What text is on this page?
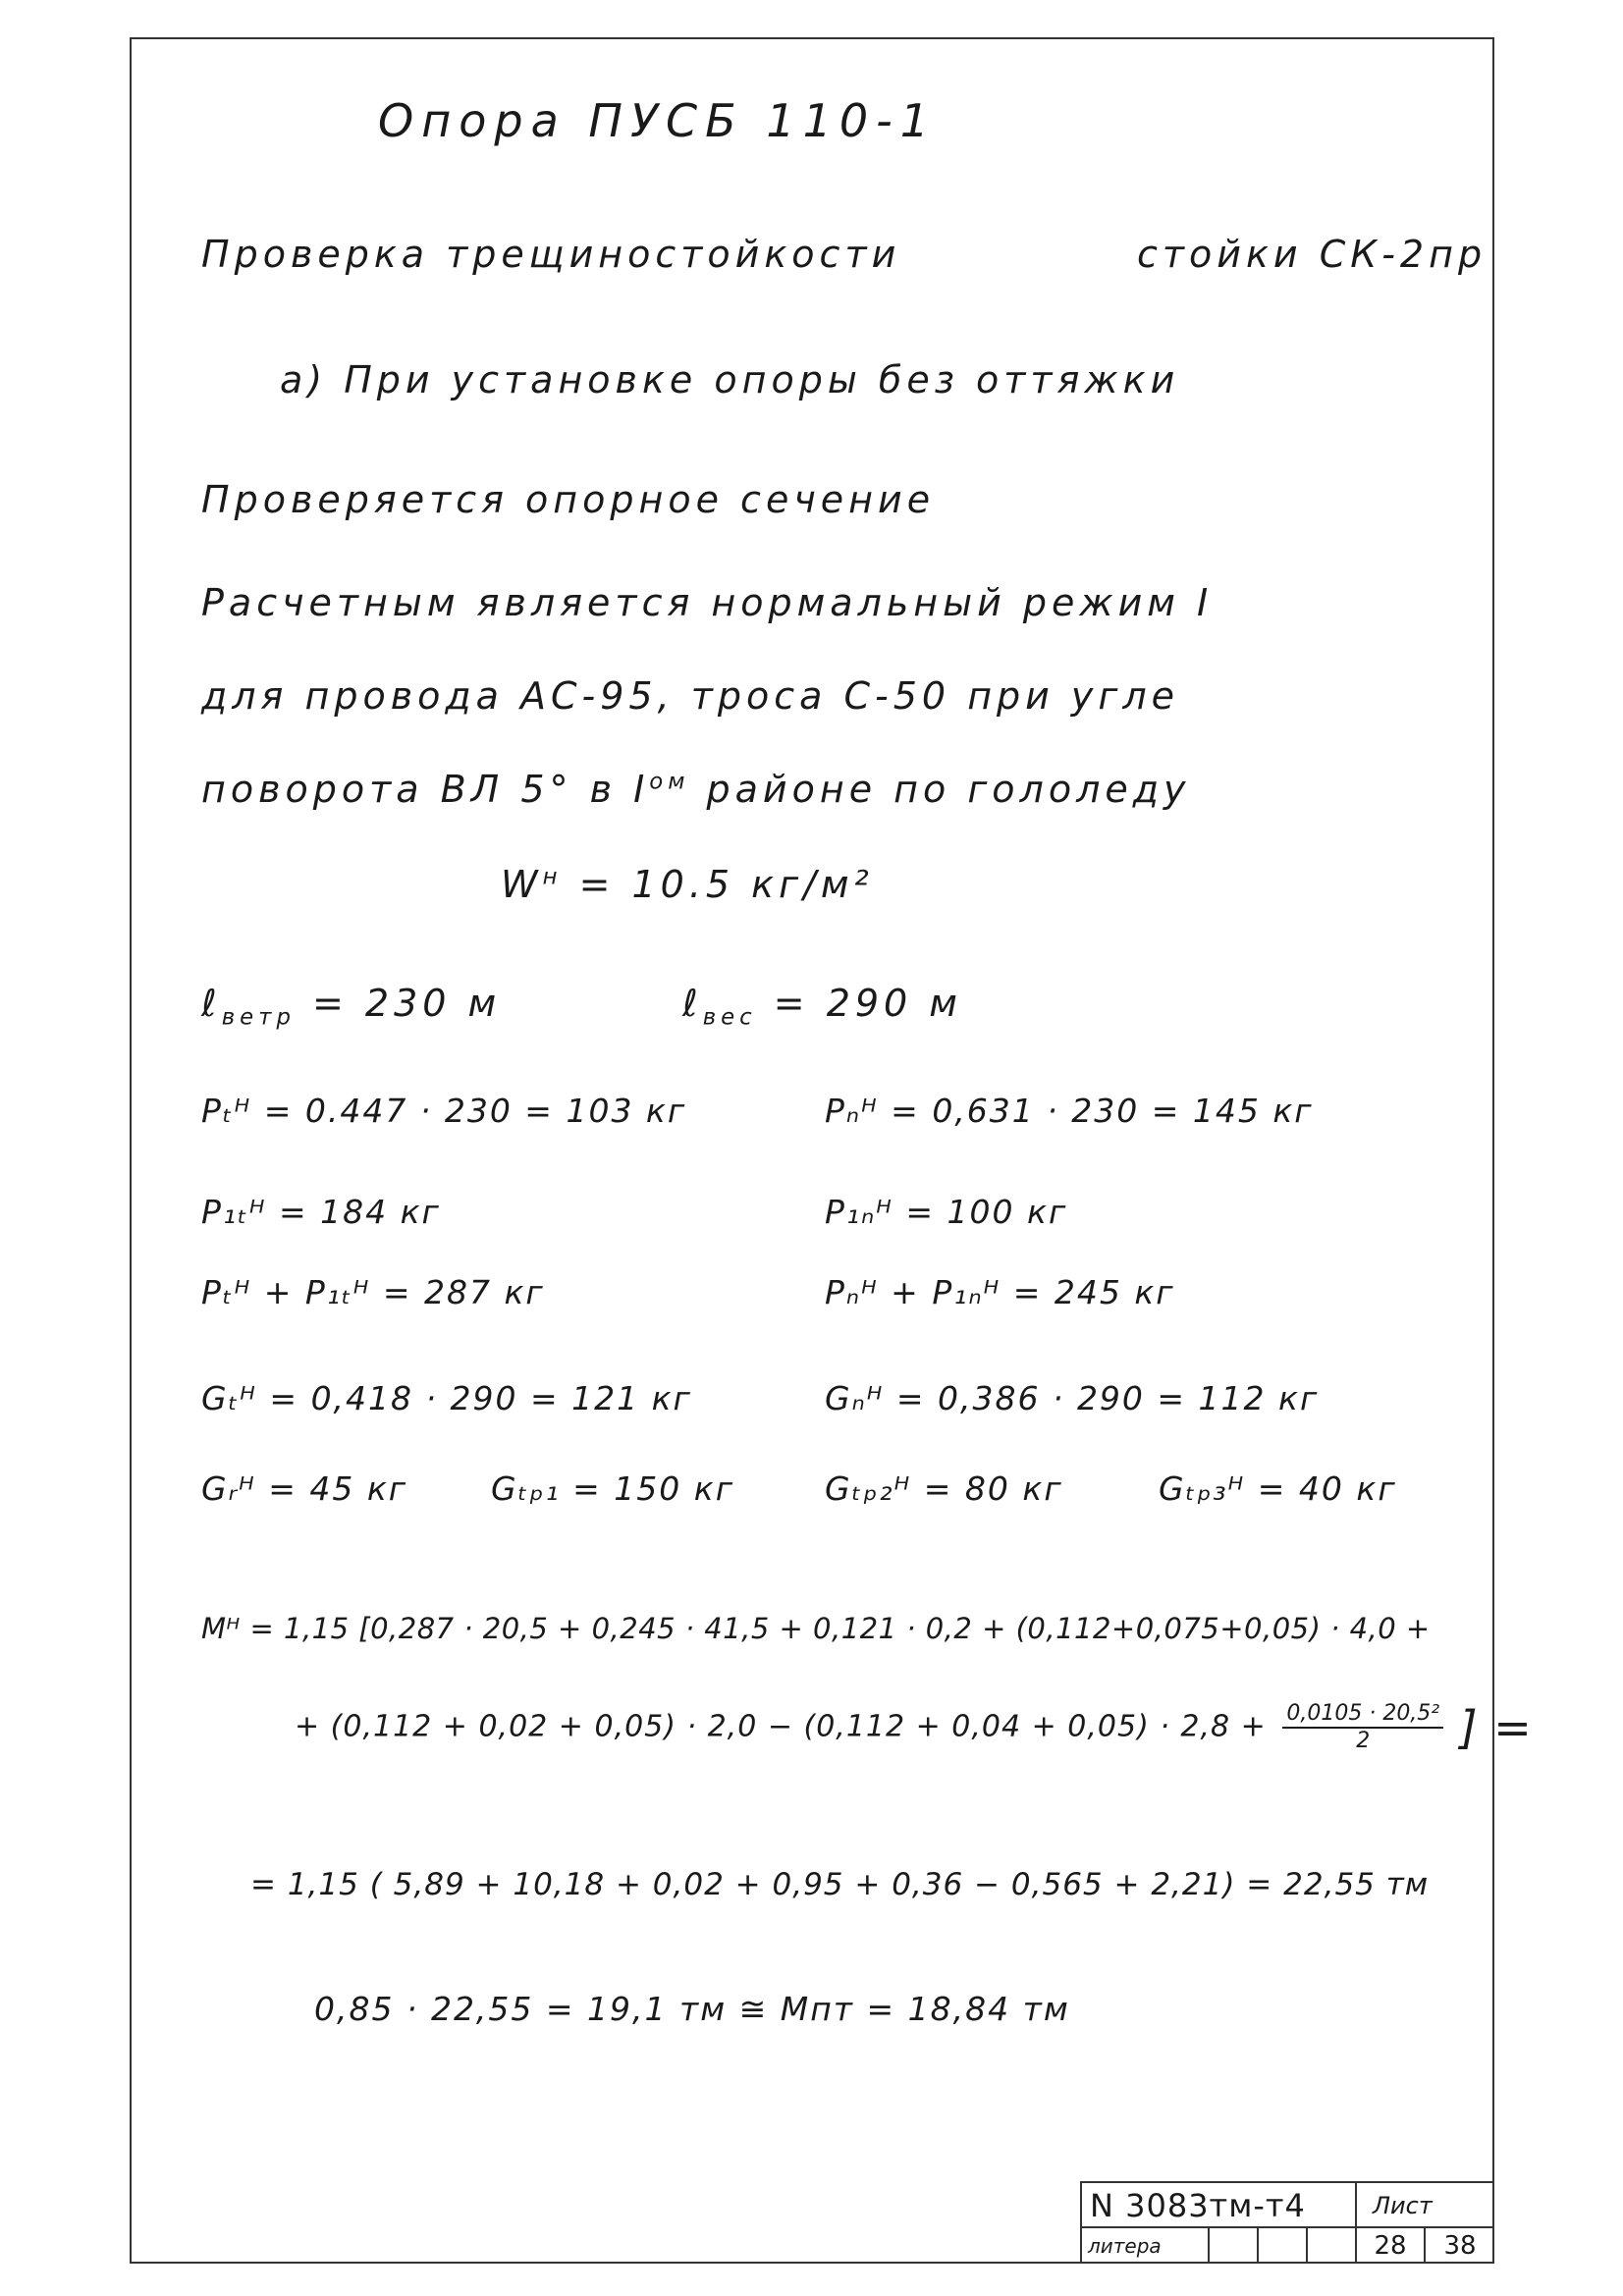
Опора ПУСБ 110-1
Проверка трещиностойкости	стойки СК-2пр
а) При установке опоры без оттяжки
Проверяется опорное сечение
Расчетным является нормальный режим I
для провода АС-95, троса С-50 при угле
поворота ВЛ 5° в $I^{ом}$ районе по гололеду
$W^н = 10.5$ кг/м²
ℓ$_{ветр}$ = 230 м	ℓ$_{вес}$ = 290 м
Pₜᴴ = 0.447 · 230 = 103 кг	Pₙᴴ = 0,631 · 230 = 145 кг
P₁ₜᴴ = 184 кг	P₁ₙᴴ = 100 кг
Pₜᴴ + P₁ₜᴴ = 287 кг	Pₙᴴ + P₁ₙᴴ = 245 кг
Gₜᴴ = 0,418 · 290 = 121 кг	Gₙᴴ = 0,386 · 290 = 112 кг
Gᵣᴴ = 45 кг	Gₜₚ₁ = 150 кг	Gₜₚ₂ᴴ = 80 кг	Gₜₚ₃ᴴ = 40 кг
Mᴴ = 1,15 [0,287 · 20,5 + 0,245 · 41,5 + 0,121 · 0,2 + (0,112+0,075+0,05) · 4,0 +
+ $(0,112 + 0,02 + 0,05) \cdot 2,0 - (0,112 + 0,04 + 0,05) \cdot 2,8 + \frac{\text{0,0105 · 20,5²}}{2}$ ] =
= 1,15 ( 5,89 + 10,18 + 0,02 + 0,95 + 0,36 − 0,565 + 2,21) = 22,55 тм
0,85 · 22,55 = 19,1 тм ≅ Mпт = 18,84 тм
N 3083тм-т4	Лист
литера	28	38
